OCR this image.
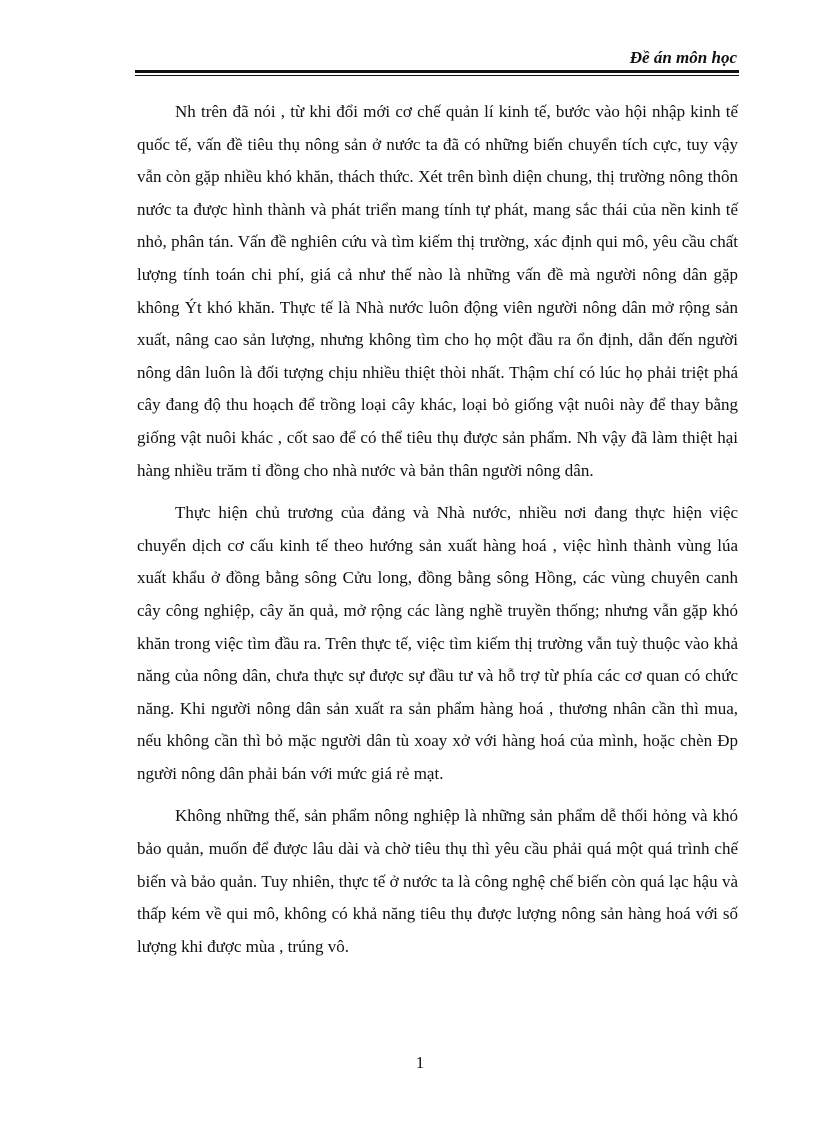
Đề án môn học

Nh trên đã nói , từ khi đổi mới cơ chế quản lí kinh tế, bước vào hội nhập kinh tế quốc tế, vấn đề tiêu thụ nông sản ở nước ta đã có những biến chuyển tích cực, tuy vậy vẫn còn gặp nhiều khó khăn, thách thức. Xét trên bình diện chung, thị trường nông thôn nước ta được hình thành và phát triển mang tính tự phát, mang sắc thái của nền kinh tế nhỏ, phân tán. Vấn đề nghiên cứu và tìm kiếm thị trường, xác định qui mô, yêu cầu chất lượng tính toán chi phí, giá cả như thế nào là những vấn đề mà người nông dân gặp không Ýt khó khăn. Thực tế là Nhà nước luôn động viên người nông dân mở rộng sản xuất, nâng cao sản lượng, nhưng không tìm cho họ một đầu ra ổn định, dẫn đến người nông dân luôn là đối tượng chịu nhiều thiệt thòi nhất. Thậm chí có lúc họ phải triệt phá cây đang độ thu hoạch để trồng loại cây khác, loại bỏ giống vật nuôi này để thay bằng giống vật nuôi khác , cốt sao để có thể tiêu thụ được sản phẩm. Nh vậy đã làm thiệt hại hàng nhiều trăm tỉ đồng cho nhà nước và bản thân người nông dân.

Thực hiện chủ trương của đảng và Nhà nước, nhiều nơi đang thực hiện việc chuyển dịch cơ cấu kinh tế theo hướng sản xuất hàng hoá , việc hình thành vùng lúa xuất khẩu ở đồng bằng sông Cửu long, đồng bằng sông Hồng, các vùng chuyên canh cây công nghiệp, cây ăn quả, mở rộng các làng nghề truyền thống; nhưng vẫn gặp khó khăn trong việc tìm đầu ra. Trên thực tế, việc tìm kiếm thị trường vẫn tuỳ thuộc vào khả năng của nông dân, chưa thực sự được sự đầu tư và hỗ trợ từ phía các cơ quan có chức năng. Khi người nông dân sản xuất ra sản phẩm hàng hoá , thương nhân cần thì mua, nếu không cần thì bỏ mặc người dân tù xoay xở với hàng hoá của mình, hoặc chèn Ðp người nông dân phải bán với mức giá rẻ mạt.

Không những thế, sản phẩm nông nghiệp là những sản phẩm dễ thối hỏng và khó bảo quản, muốn để được lâu dài và chờ tiêu thụ thì yêu cầu phải quá một quá trình chế biến và bảo quản. Tuy nhiên, thực tế ở nước ta là công nghệ chế biến còn quá lạc hậu và thấp kém về qui mô, không có khả năng tiêu thụ được lượng nông sản hàng hoá với số lượng khi được mùa , trúng vô.

1
